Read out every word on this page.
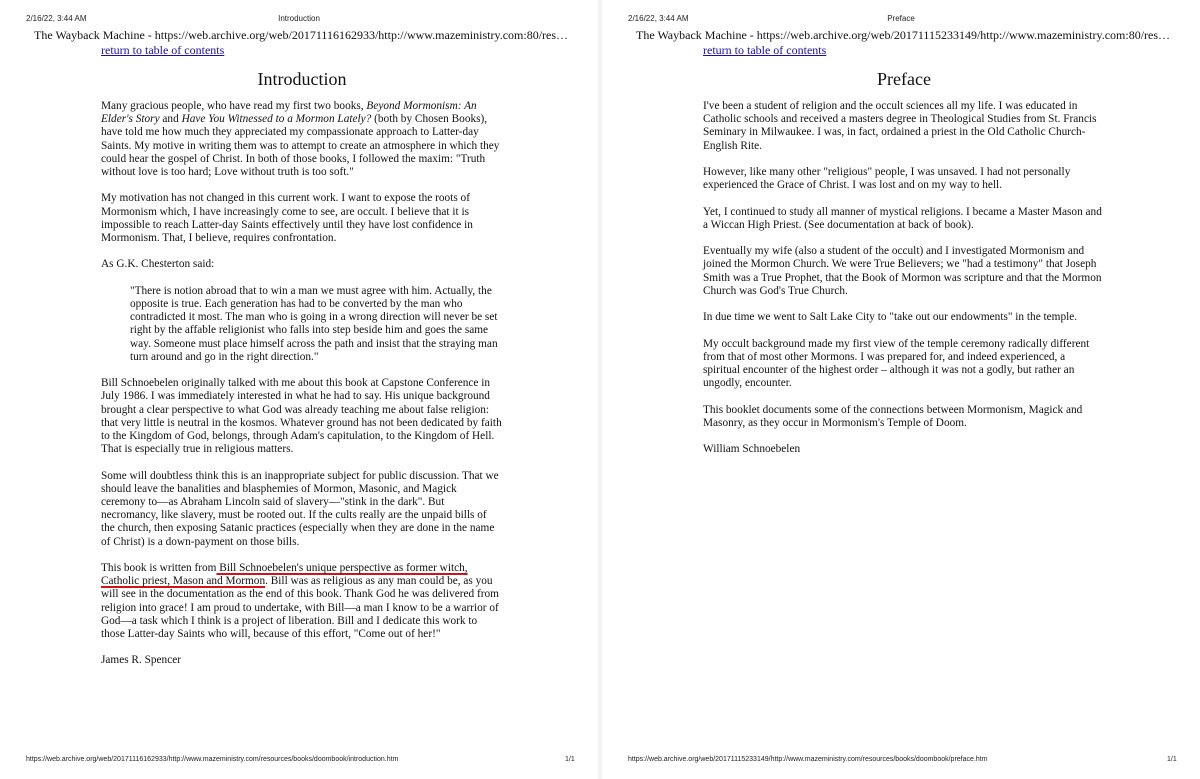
2/16/22, 3:44 AM	Introduction
The Wayback Machine - https://web.archive.org/web/20171116162933/http://www.mazeministry.com:80/reso…
return to table of contents
Introduction

Many gracious people, who have read my first two books, Beyond Mormonism: An Elder's Story and Have You Witnessed to a Mormon Lately? (both by Chosen Books), have told me how much they appreciated my compassionate approach to Latter-day Saints. My motive in writing them was to attempt to create an atmosphere in which they could hear the gospel of Christ. In both of those books, I followed the maxim: "Truth without love is too hard; Love without truth is too soft."

My motivation has not changed in this current work. I want to expose the roots of Mormonism which, I have increasingly come to see, are occult. I believe that it is impossible to reach Latter-day Saints effectively until they have lost confidence in Mormonism. That, I believe, requires confrontation.

As G.K. Chesterton said:

"There is notion abroad that to win a man we must agree with him. Actually, the opposite is true. Each generation has had to be converted by the man who contradicted it most. The man who is going in a wrong direction will never be set right by the affable religionist who falls into step beside him and goes the same way. Someone must place himself across the path and insist that the straying man turn around and go in the right direction."

Bill Schnoebelen originally talked with me about this book at Capstone Conference in July 1986. I was immediately interested in what he had to say. His unique background brought a clear perspective to what God was already teaching me about false religion: that very little is neutral in the kosmos. Whatever ground has not been dedicated by faith to the Kingdom of God, belongs, through Adam's capitulation, to the Kingdom of Hell. That is especially true in religious matters.

Some will doubtless think this is an inappropriate subject for public discussion. That we should leave the banalities and blasphemies of Mormon, Masonic, and Magick ceremony to—as Abraham Lincoln said of slavery—"stink in the dark". But necromancy, like slavery, must be rooted out. If the cults really are the unpaid bills of the church, then exposing Satanic practices (especially when they are done in the name of Christ) is a down-payment on those bills.

This book is written from Bill Schnoebelen's unique perspective as former witch, Catholic priest, Mason and Mormon. Bill was as religious as any man could be, as you will see in the documentation as the end of this book. Thank God he was delivered from religion into grace! I am proud to undertake, with Bill—a man I know to be a warrior of God—a task which I think is a project of liberation. Bill and I dedicate this work to those Latter-day Saints who will, because of this effort, "Come out of her!"

James R. Spencer

https://web.archive.org/web/20171116162933/http://www.mazeministry.com/resources/books/doombook/introduction.htm	1/1
2/16/22, 3:44 AM	Preface
The Wayback Machine - https://web.archive.org/web/20171115233149/http://www.mazeministry.com:80/reso…
return to table of contents
Preface

I've been a student of religion and the occult sciences all my life. I was educated in Catholic schools and received a masters degree in Theological Studies from St. Francis Seminary in Milwaukee. I was, in fact, ordained a priest in the Old Catholic Church-English Rite.

However, like many other "religious" people, I was unsaved. I had not personally experienced the Grace of Christ. I was lost and on my way to hell.

Yet, I continued to study all manner of mystical religions. I became a Master Mason and a Wiccan High Priest. (See documentation at back of book).

Eventually my wife (also a student of the occult) and I investigated Mormonism and joined the Mormon Church. We were True Believers; we "had a testimony" that Joseph Smith was a True Prophet, that the Book of Mormon was scripture and that the Mormon Church was God's True Church.

In due time we went to Salt Lake City to "take out our endowments" in the temple.

My occult background made my first view of the temple ceremony radically different from that of most other Mormons. I was prepared for, and indeed experienced, a spiritual encounter of the highest order – although it was not a godly, but rather an ungodly, encounter.

This booklet documents some of the connections between Mormonism, Magick and Masonry, as they occur in Mormonism's Temple of Doom.

William Schnoebelen

https://web.archive.org/web/20171115233149/http://www.mazeministry.com/resources/books/doombook/preface.htm	1/1
